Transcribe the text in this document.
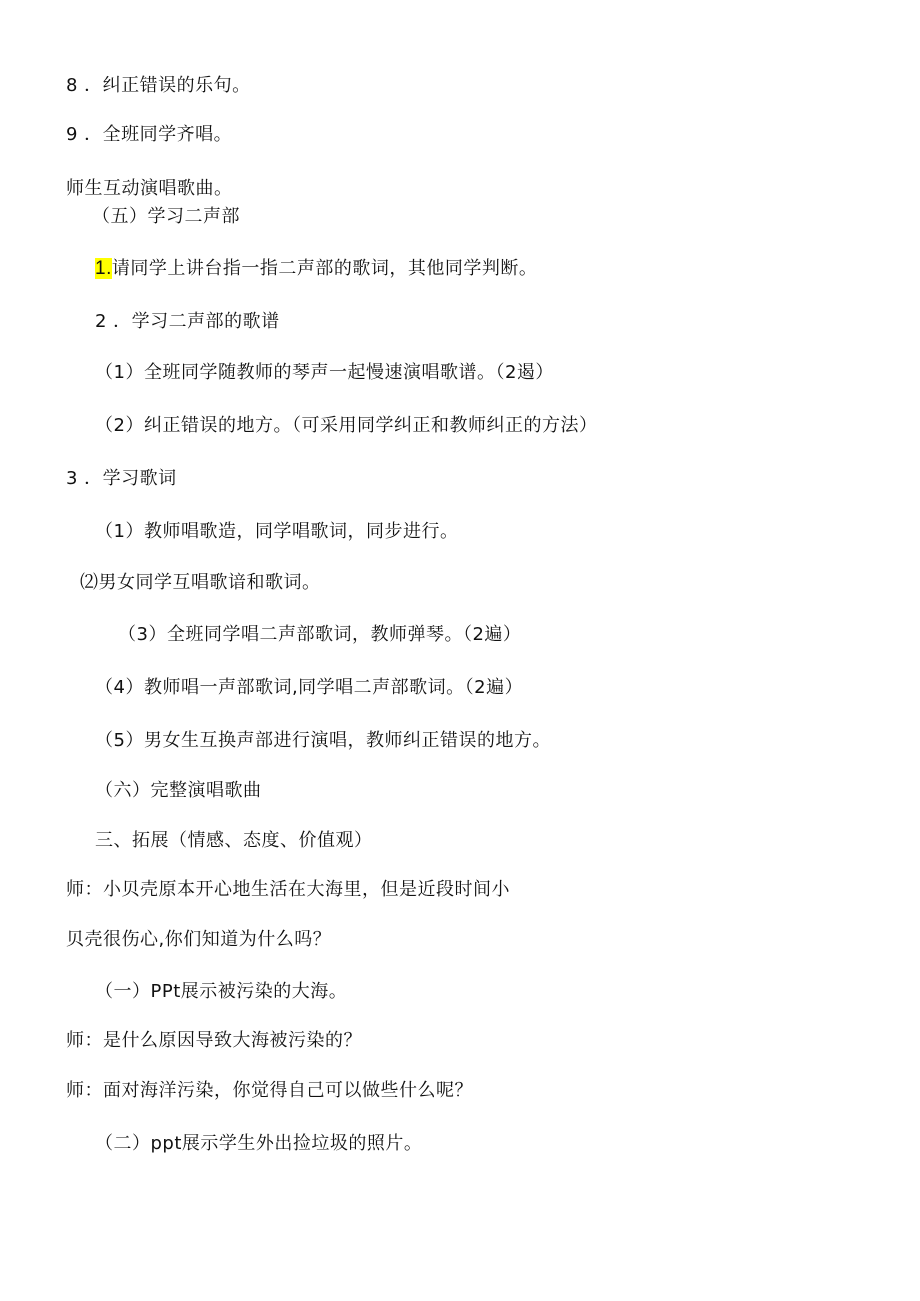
8 ．纠正错误的乐句。
9 ．全班同学齐唱。
师生互动演唱歌曲。
（五）学习二声部
1.请同学上讲台指一指二声部的歌词，其他同学判断。
2 ．学习二声部的歌谱
（1）全班同学随教师的琴声一起慢速演唱歌谱。（2遏）
（2）纠正错误的地方。（可采用同学纠正和教师纠正的方法）
3 ．学习歌词
（1）教师唱歌造，同学唱歌词，同步进行。
⑵男女同学互唱歌谙和歌词。
（3）全班同学唱二声部歌词，教师弹琴。（2遍）
（4）教师唱一声部歌词,同学唱二声部歌词。（2遍）
（5）男女生互换声部进行演唱，教师纠正错误的地方。
（六）完整演唱歌曲
三、拓展（情感、态度、价值观）
师：小贝壳原本开心地生活在大海里，但是近段时间小
贝壳很伤心,你们知道为什么吗？
（一）PPt展示被污染的大海。
师：是什么原因导致大海被污染的？
师：面对海洋污染，你觉得自己可以做些什么呢？
（二）ppt展示学生外出捡垃圾的照片。
